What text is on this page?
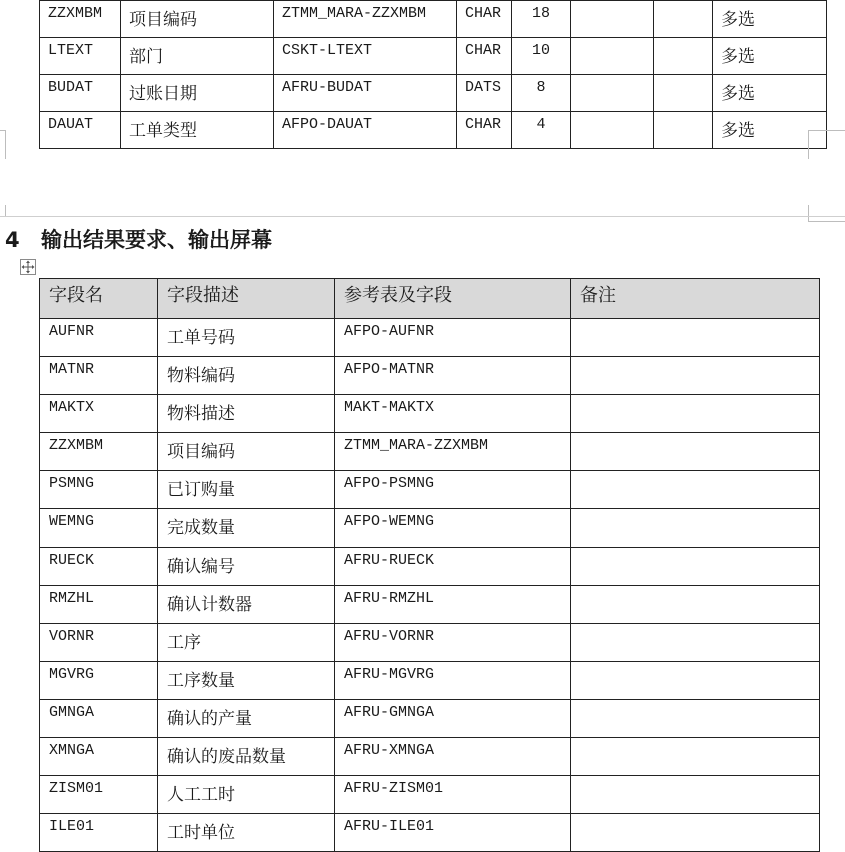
ZZXMBM	项目编码	ZTMM_MARA-ZZXMBM	CHAR	18			多选
LTEXT	部门	CSKT-LTEXT	CHAR	10			多选
BUDAT	过账日期	AFRU-BUDAT	DATS	8			多选
DAUAT	工单类型	AFPO-DAUAT	CHAR	4			多选
4 输出结果要求、输出屏幕
字段名	字段描述	参考表及字段	备注
AUFNR	工单号码	AFPO-AUFNR	
MATNR	物料编码	AFPO-MATNR	
MAKTX	物料描述	MAKT-MAKTX	
ZZXMBM	项目编码	ZTMM_MARA-ZZXMBM	
PSMNG	已订购量	AFPO-PSMNG	
WEMNG	完成数量	AFPO-WEMNG	
RUECK	确认编号	AFRU-RUECK	
RMZHL	确认计数器	AFRU-RMZHL	
VORNR	工序	AFRU-VORNR	
MGVRG	工序数量	AFRU-MGVRG	
GMNGA	确认的产量	AFRU-GMNGA	
XMNGA	确认的废品数量	AFRU-XMNGA	
ZISM01	人工工时	AFRU-ZISM01	
ILE01	工时单位	AFRU-ILE01	
